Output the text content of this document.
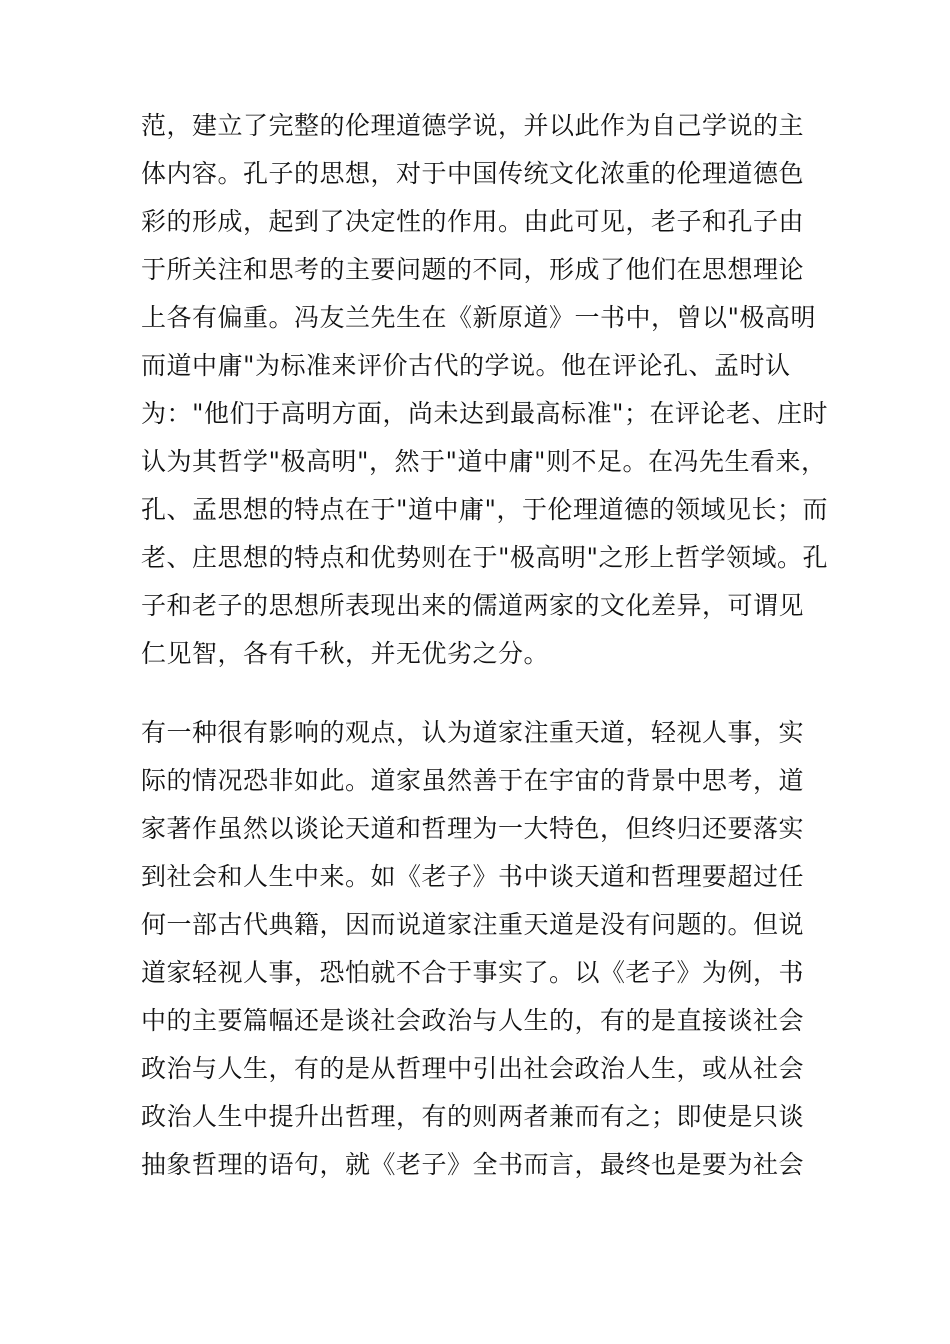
范，建立了完整的伦理道德学说，并以此作为自己学说的主
体内容。孔子的思想，对于中国传统文化浓重的伦理道德色
彩的形成，起到了决定性的作用。由此可见，老子和孔子由
于所关注和思考的主要问题的不同，形成了他们在思想理论
上各有偏重。冯友兰先生在《新原道》一书中，曾以"极高明
而道中庸"为标准来评价古代的学说。他在评论孔、孟时认
为："他们于高明方面，尚未达到最高标准"；在评论老、庄时
认为其哲学"极高明"，然于"道中庸"则不足。在冯先生看来，
孔、孟思想的特点在于"道中庸"，于伦理道德的领域见长；而
老、庄思想的特点和优势则在于"极高明"之形上哲学领域。孔
子和老子的思想所表现出来的儒道两家的文化差异，可谓见
仁见智，各有千秋，并无优劣之分。
有一种很有影响的观点，认为道家注重天道，轻视人事，实
际的情况恐非如此。道家虽然善于在宇宙的背景中思考，道
家著作虽然以谈论天道和哲理为一大特色，但终归还要落实
到社会和人生中来。如《老子》书中谈天道和哲理要超过任
何一部古代典籍，因而说道家注重天道是没有问题的。但说
道家轻视人事，恐怕就不合于事实了。以《老子》为例，书
中的主要篇幅还是谈社会政治与人生的，有的是直接谈社会
政治与人生，有的是从哲理中引出社会政治人生，或从社会
政治人生中提升出哲理，有的则两者兼而有之；即使是只谈
抽象哲理的语句，就《老子》全书而言，最终也是要为社会
